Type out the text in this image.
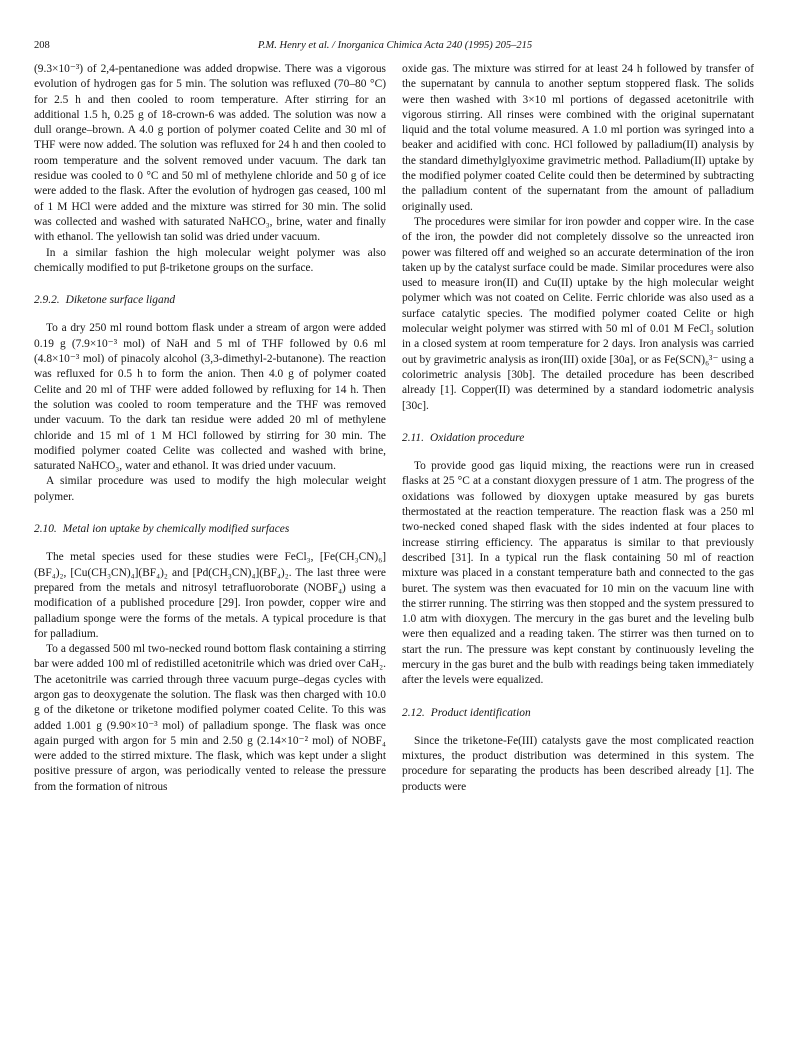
208	P.M. Henry et al. / Inorganica Chimica Acta 240 (1995) 205–215

(9.3×10⁻³) of 2,4-pentanedione was added dropwise. There was a vigorous evolution of hydrogen gas for 5 min. The solution was refluxed (70–80 °C) for 2.5 h and then cooled to room temperature. After stirring for an additional 1.5 h, 0.25 g of 18-crown-6 was added. The solution was now a dull orange–brown. A 4.0 g portion of polymer coated Celite and 30 ml of THF were now added. The solution was refluxed for 24 h and then cooled to room temperature and the solvent removed under vacuum. The dark tan residue was cooled to 0 °C and 50 ml of methylene chloride and 50 g of ice were added to the flask. After the evolution of hydrogen gas ceased, 100 ml of 1 M HCl were added and the mixture was stirred for 30 min. The solid was collected and washed with saturated NaHCO₃, brine, water and finally with ethanol. The yellowish tan solid was dried under vacuum.

In a similar fashion the high molecular weight polymer was also chemically modified to put β-triketone groups on the surface.

2.9.2. Diketone surface ligand

To a dry 250 ml round bottom flask under a stream of argon were added 0.19 g (7.9×10⁻³ mol) of NaH and 5 ml of THF followed by 0.6 ml (4.8×10⁻³ mol) of pinacoly alcohol (3,3-dimethyl-2-butanone). The reaction was refluxed for 0.5 h to form the anion. Then 4.0 g of polymer coated Celite and 20 ml of THF were added followed by refluxing for 14 h. Then the solution was cooled to room temperature and the THF was removed under vacuum. To the dark tan residue were added 20 ml of methylene chloride and 15 ml of 1 M HCl followed by stirring for 30 min. The modified polymer coated Celite was collected and washed with brine, saturated NaHCO₃, water and ethanol. It was dried under vacuum.

A similar procedure was used to modify the high molecular weight polymer.

2.10. Metal ion uptake by chemically modified surfaces

The metal species used for these studies were FeCl₃, [Fe(CH₃CN)₆](BF₄)₂, [Cu(CH₃CN)₄](BF₄)₂ and [Pd(CH₃CN)₄](BF₄)₂. The last three were prepared from the metals and nitrosyl tetrafluoroborate (NOBF₄) using a modification of a published procedure [29]. Iron powder, copper wire and palladium sponge were the forms of the metals. A typical procedure is that for palladium.

To a degassed 500 ml two-necked round bottom flask containing a stirring bar were added 100 ml of redistilled acetonitrile which was dried over CaH₂. The acetonitrile was carried through three vacuum purge–degas cycles with argon gas to deoxygenate the solution. The flask was then charged with 10.0 g of the diketone or triketone modified polymer coated Celite. To this was added 1.001 g (9.90×10⁻³ mol) of palladium sponge. The flask was once again purged with argon for 5 min and 2.50 g (2.14×10⁻² mol) of NOBF₄ were added to the stirred mixture. The flask, which was kept under a slight positive pressure of argon, was periodically vented to release the pressure from the formation of nitrous

oxide gas. The mixture was stirred for at least 24 h followed by transfer of the supernatant by cannula to another septum stoppered flask. The solids were then washed with 3×10 ml portions of degassed acetonitrile with vigorous stirring. All rinses were combined with the original supernatant liquid and the total volume measured. A 1.0 ml portion was syringed into a beaker and acidified with conc. HCl followed by palladium(II) analysis by the standard dimethylglyoxime gravimetric method. Palladium(II) uptake by the modified polymer coated Celite could then be determined by subtracting the palladium content of the supernatant from the amount of palladium originally used.

The procedures were similar for iron powder and copper wire. In the case of the iron, the powder did not completely dissolve so the unreacted iron power was filtered off and weighed so an accurate determination of the iron taken up by the catalyst surface could be made. Similar procedures were also used to measure iron(II) and Cu(II) uptake by the high molecular weight polymer which was not coated on Celite. Ferric chloride was also used as a surface catalytic species. The modified polymer coated Celite or high molecular weight polymer was stirred with 50 ml of 0.01 M FeCl₃ solution in a closed system at room temperature for 2 days. Iron analysis was carried out by gravimetric analysis as iron(III) oxide [30a], or as Fe(SCN)₆³⁻ using a colorimetric analysis [30b]. The detailed procedure has been described already [1]. Copper(II) was determined by a standard iodometric analysis [30c].

2.11. Oxidation procedure

To provide good gas liquid mixing, the reactions were run in creased flasks at 25 °C at a constant dioxygen pressure of 1 atm. The progress of the oxidations was followed by dioxygen uptake measured by gas burets thermostated at the reaction temperature. The reaction flask was a 250 ml two-necked coned shaped flask with the sides indented at four places to increase stirring efficiency. The apparatus is similar to that previously described [31]. In a typical run the flask containing 50 ml of reaction mixture was placed in a constant temperature bath and connected to the gas buret. The system was then evacuated for 10 min on the vacuum line with the stirrer running. The stirring was then stopped and the system pressured to 1.0 atm with dioxygen. The mercury in the gas buret and the leveling bulb were then equalized and a reading taken. The stirrer was then turned on to start the run. The pressure was kept constant by continuously leveling the mercury in the gas buret and the bulb with readings being taken immediately after the levels were equalized.

2.12. Product identification

Since the triketone-Fe(III) catalysts gave the most complicated reaction mixtures, the product distribution was determined in this system. The procedure for separating the products has been described already [1]. The products were
